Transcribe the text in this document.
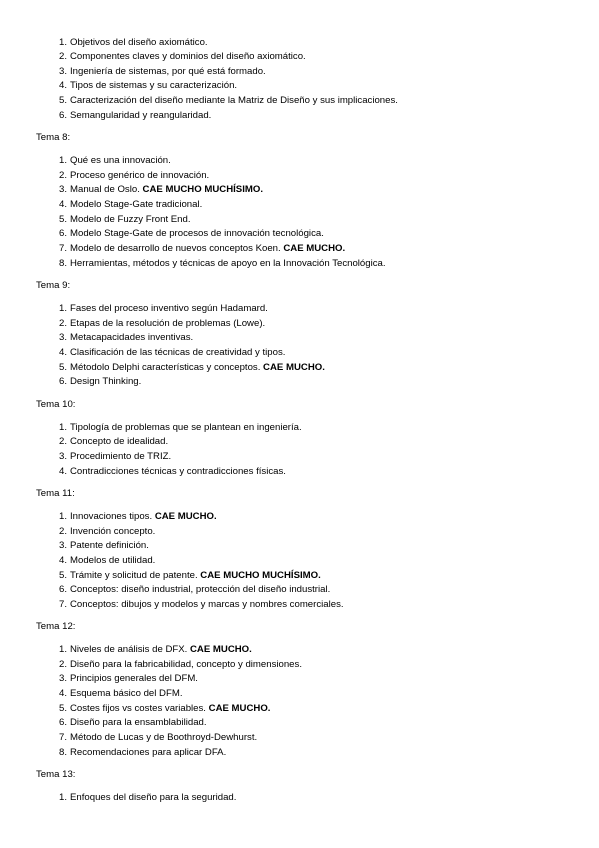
1. Objetivos del diseño axiomático.
2. Componentes claves y dominios del diseño axiomático.
3. Ingeniería de sistemas, por qué está formado.
4. Tipos de sistemas y su caracterización.
5. Caracterización del diseño mediante la Matriz de Diseño y sus implicaciones.
6. Semangularidad y reangularidad.

Tema 8:

1. Qué es una innovación.
2. Proceso genérico de innovación.
3. Manual de Oslo. CAE MUCHO MUCHÍSIMO.
4. Modelo Stage-Gate tradicional.
5. Modelo de Fuzzy Front End.
6. Modelo Stage-Gate de procesos de innovación tecnológica.
7. Modelo de desarrollo de nuevos conceptos Koen. CAE MUCHO.
8. Herramientas, métodos y técnicas de apoyo en la Innovación Tecnológica.

Tema 9:

1. Fases del proceso inventivo según Hadamard.
2. Etapas de la resolución de problemas (Lowe).
3. Metacapacidades inventivas.
4. Clasificación de las técnicas de creatividad y tipos.
5. Métodolo Delphi características y conceptos. CAE MUCHO.
6. Design Thinking.

Tema 10:

1. Tipología de problemas que se plantean en ingeniería.
2. Concepto de idealidad.
3. Procedimiento de TRIZ.
4. Contradicciones técnicas y contradicciones físicas.

Tema 11:

1. Innovaciones tipos. CAE MUCHO.
2. Invención concepto.
3. Patente definición.
4. Modelos de utilidad.
5. Trámite y solicitud de patente. CAE MUCHO MUCHÍSIMO.
6. Conceptos: diseño industrial, protección del diseño industrial.
7. Conceptos: dibujos y modelos y marcas y nombres comerciales.

Tema 12:

1. Niveles de análisis de DFX. CAE MUCHO.
2. Diseño para la fabricabilidad, concepto y dimensiones.
3. Principios generales del DFM.
4. Esquema básico del DFM.
5. Costes fijos vs costes variables. CAE MUCHO.
6. Diseño para la ensamblabilidad.
7. Método de Lucas y de Boothroyd-Dewhurst.
8. Recomendaciones para aplicar DFA.

Tema 13:

1. Enfoques del diseño para la seguridad.
